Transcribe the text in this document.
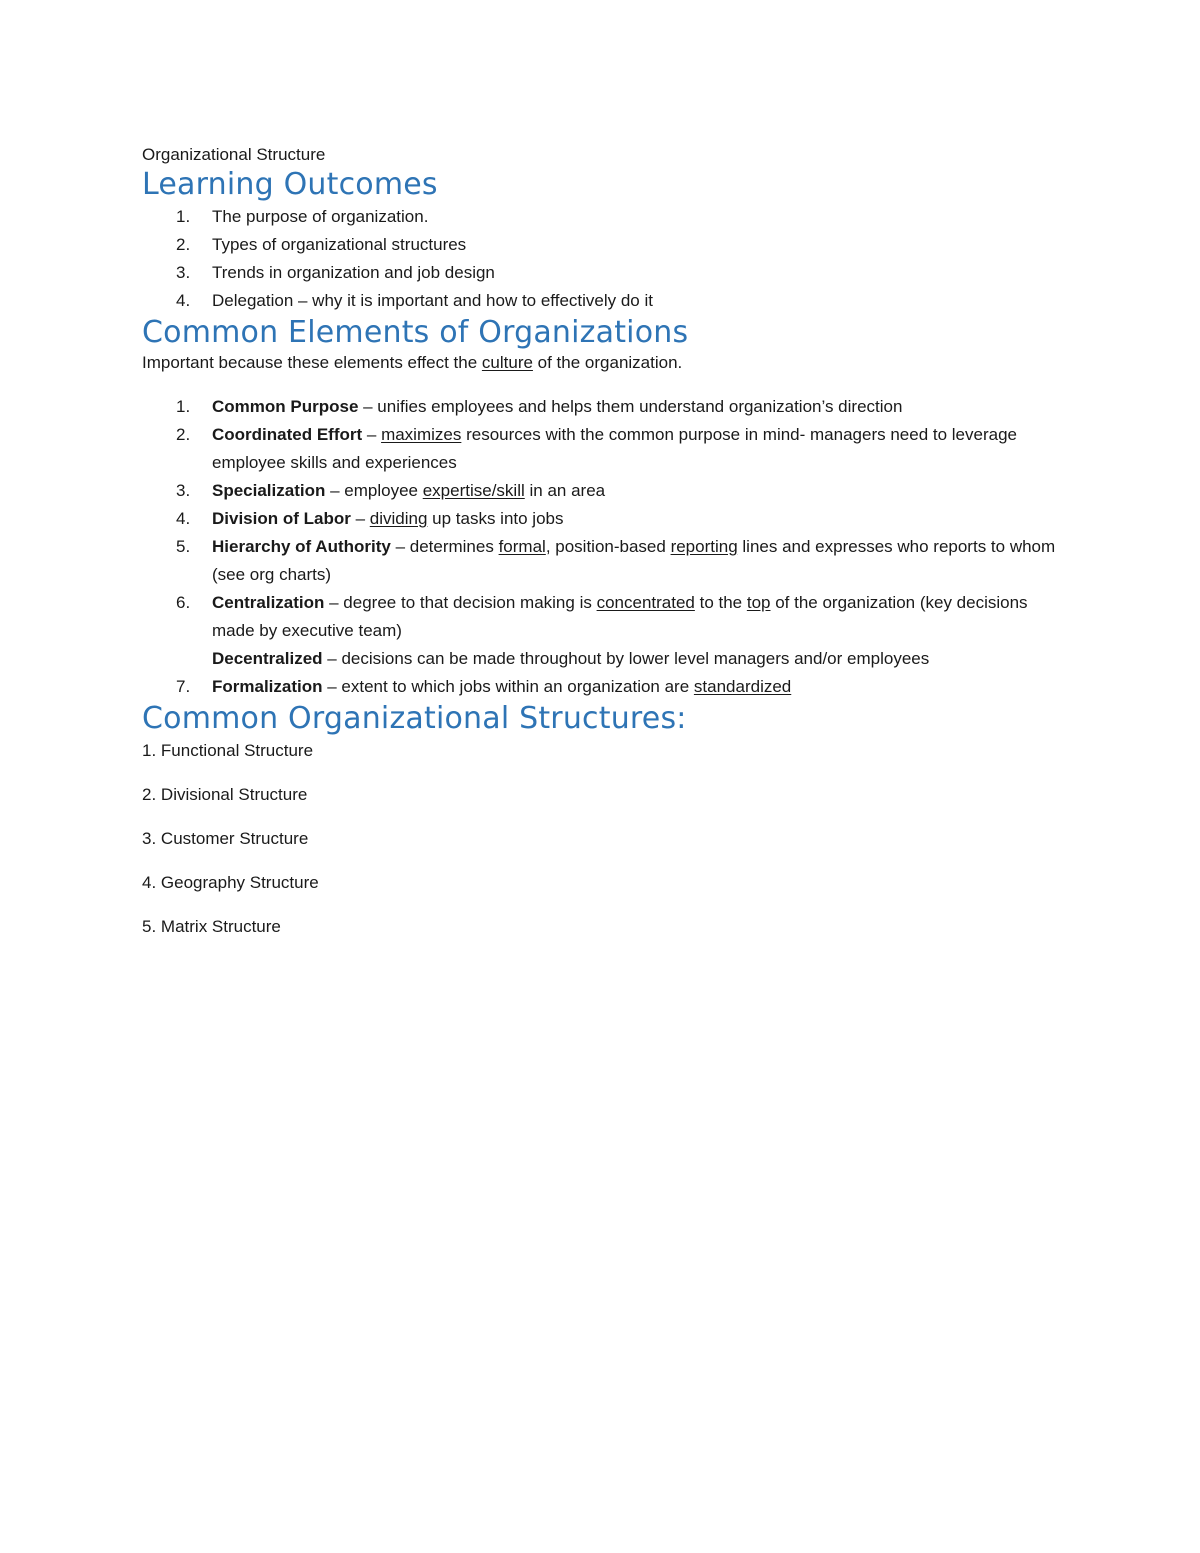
Organizational Structure

Learning Outcomes
1. The purpose of organization.
2. Types of organizational structures
3. Trends in organization and job design
4. Delegation – why it is important and how to effectively do it
Common Elements of Organizations

Important because these elements effect the culture of the organization.

1. Common Purpose – unifies employees and helps them understand organization’s direction
2. Coordinated Effort – maximizes resources with the common purpose in mind- managers need to leverage employee skills and experiences
3. Specialization – employee expertise/skill in an area
4. Division of Labor – dividing up tasks into jobs
5. Hierarchy of Authority – determines formal, position-based reporting lines and expresses who reports to whom (see org charts)
6. Centralization – degree to that decision making is concentrated to the top of the organization (key decisions made by executive team)
Decentralized – decisions can be made throughout by lower level managers and/or employees
7. Formalization – extent to which jobs within an organization are standardized
Common Organizational Structures:

1. Functional Structure

2. Divisional Structure

3. Customer Structure

4. Geography Structure

5. Matrix Structure
